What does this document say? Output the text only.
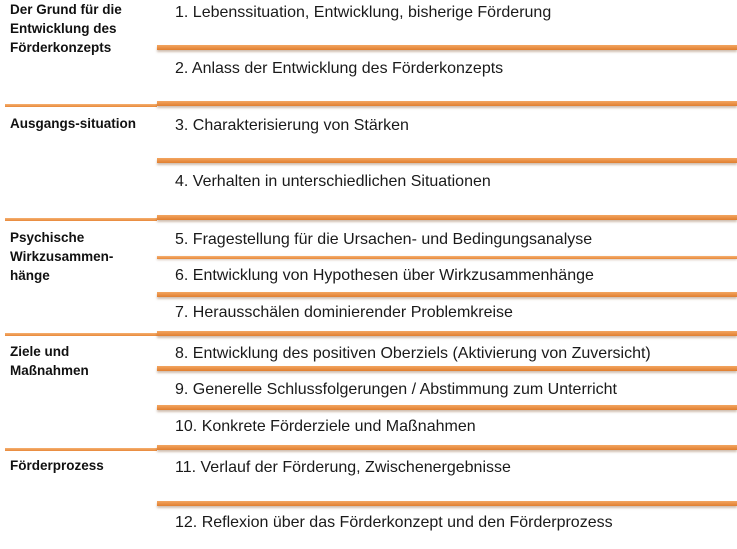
Der Grund für die Entwicklung des Förderkonzepts
Ausgangs-situation
Psychische Wirkzusammen-hänge
Ziele und Maßnahmen
Förderprozess
1. Lebenssituation, Entwicklung, bisherige Förderung
2. Anlass der Entwicklung des Förderkonzepts
3. Charakterisierung von Stärken
4. Verhalten in unterschiedlichen Situationen
5. Fragestellung für die Ursachen- und Bedingungsanalyse
6. Entwicklung von Hypothesen über Wirkzusammenhänge
7. Herausschälen dominierender Problemkreise
8. Entwicklung des positiven Oberziels (Aktivierung von Zuversicht)
9. Generelle Schlussfolgerungen / Abstimmung zum Unterricht
10. Konkrete Förderziele und Maßnahmen
11. Verlauf der Förderung, Zwischenergebnisse
12. Reflexion über das Förderkonzept und den Förderprozess
